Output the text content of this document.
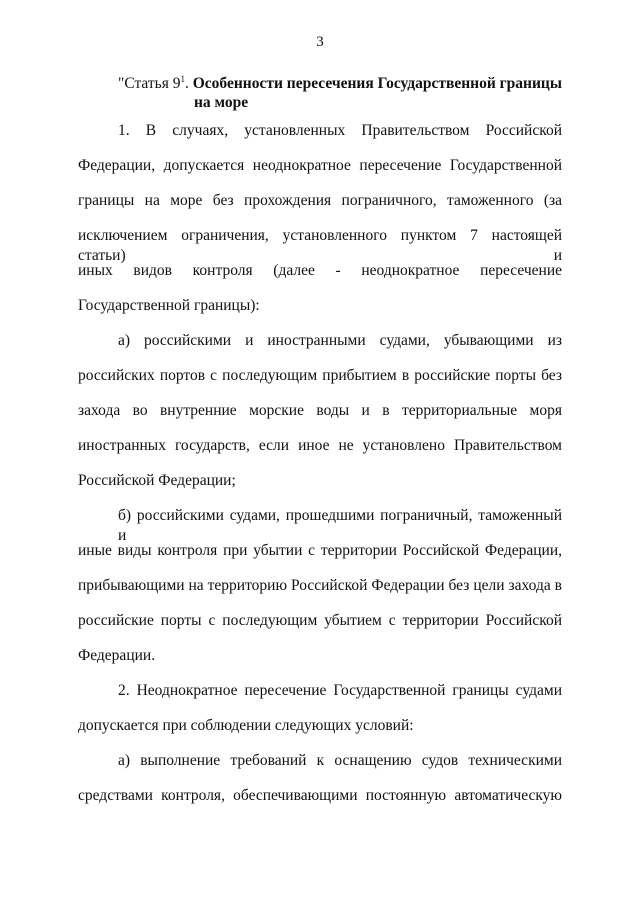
3
"Статья $9^1$. Особенности пересечения Государственной границы
на море
1. В случаях, установленных Правительством Российской
Федерации, допускается неоднократное пересечение Государственной
границы на море без прохождения пограничного, таможенного (за
исключением ограничения, установленного пунктом 7 настоящей статьи) и
иных видов контроля (далее - неоднократное пересечение
Государственной границы):
а) российскими и иностранными судами, убывающими из
российских портов с последующим прибытием в российские порты без
захода во внутренние морские воды и в территориальные моря
иностранных государств, если иное не установлено Правительством
Российской Федерации;
б) российскими судами, прошедшими пограничный, таможенный и
иные виды контроля при убытии с территории Российской Федерации,
прибывающими на территорию Российской Федерации без цели захода в
российские порты с последующим убытием с территории Российской
Федерации.
2. Неоднократное пересечение Государственной границы судами
допускается при соблюдении следующих условий:
а) выполнение требований к оснащению судов техническими
средствами контроля, обеспечивающими постоянную автоматическую
